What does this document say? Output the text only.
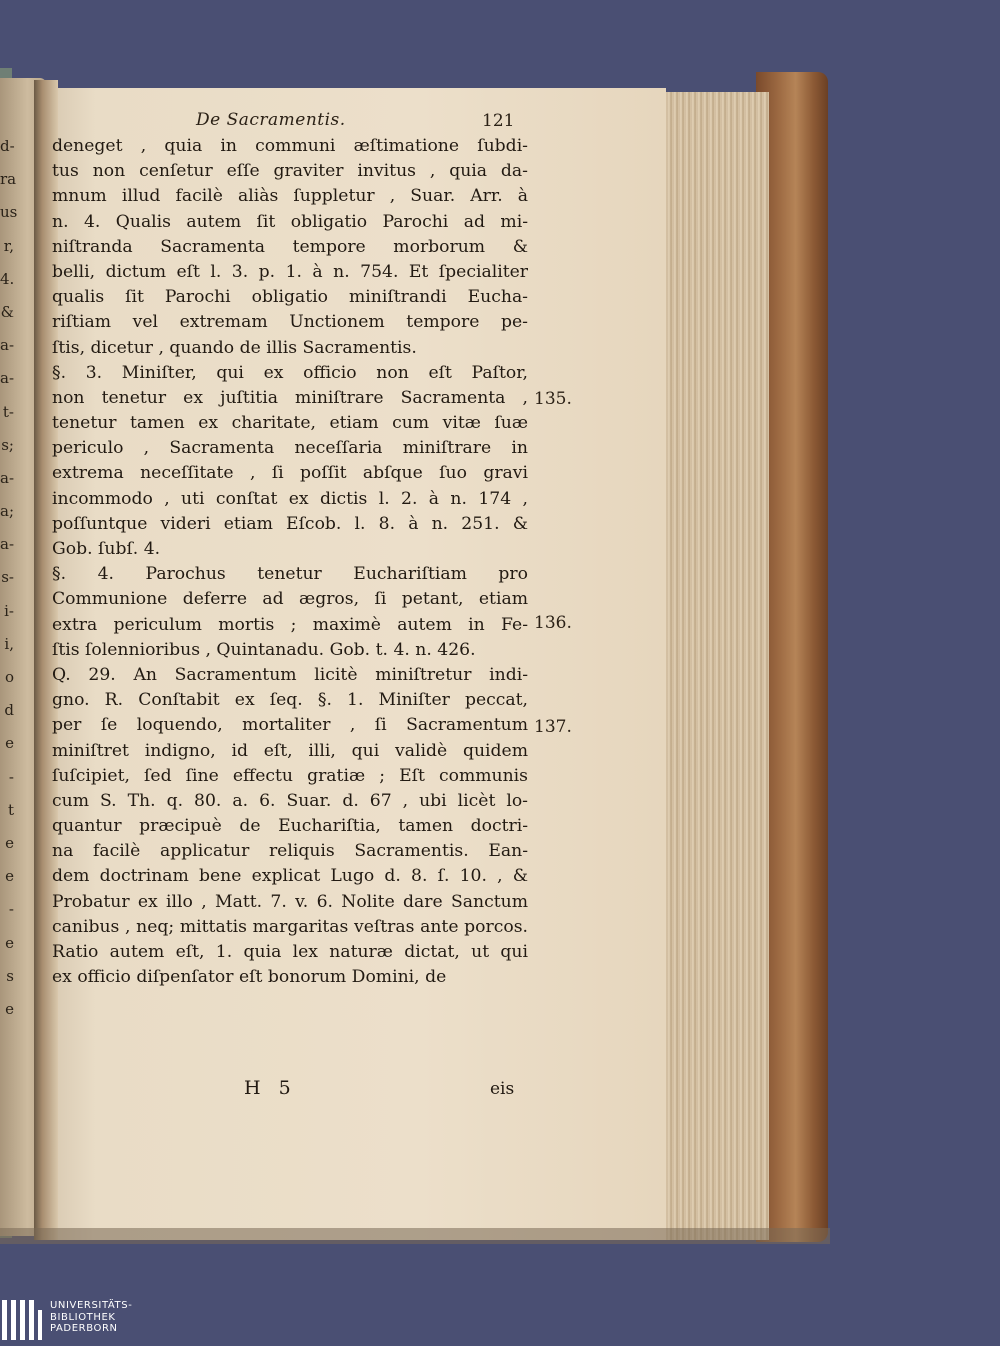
d-
ra
us
r,
4.
&
a-
a-
t-
s;
a-
a;
a-
s-
i-
i,
o
d
e
-
t
e
e
-
e
s
e
De Sacramentis.	121
deneget , quia in communi æſtimatione ſubdi-
tus non cenſetur eſſe graviter invitus , quia da-
mnum illud facilè aliàs ſuppletur , Suar. Arr. à
n. 4. Qualis autem ſit obligatio Parochi ad mi-
niſtranda Sacramenta tempore morborum &
belli, dictum eſt l. 3. p. 1. à n. 754. Et ſpecialiter
qualis ſit Parochi obligatio miniſtrandi Eucha-
riſtiam vel extremam Unctionem tempore pe-
ſtis, dicetur , quando de illis Sacramentis.
§. 3. Miniſter, qui ex officio non eſt Paſtor,
non tenetur ex juſtitia miniſtrare Sacramenta ,
tenetur tamen ex charitate, etiam cum vitæ ſuæ
periculo , Sacramenta neceſſaria miniſtrare in
extrema neceſſitate , ſi poſſit abſque ſuo gravi
incommodo , uti conſtat ex dictis l. 2. à n. 174 ,
poſſuntque videri etiam Eſcob. l. 8. à n. 251. &
Gob. ſubſ. 4.
§. 4. Parochus tenetur Euchariſtiam pro
Communione deferre ad ægros, ſi petant, etiam
extra periculum mortis ; maximè autem in Fe-
ſtis ſolennioribus , Quintanadu. Gob. t. 4. n. 426.
Q. 29. An Sacramentum licitè miniſtretur indi-
gno. R. Conſtabit ex ſeq. §. 1. Miniſter peccat,
per ſe loquendo, mortaliter , ſi Sacramentum
miniſtret indigno, id eſt, illi, qui validè quidem
ſuſcipiet, ſed ſine effectu gratiæ ; Eſt communis
cum S. Th. q. 80. a. 6. Suar. d. 67 , ubi licèt lo-
quantur præcipuè de Euchariſtia, tamen doctri-
na facilè applicatur reliquis Sacramentis. Ean-
dem doctrinam bene explicat Lugo d. 8. ſ. 10. , &
Probatur ex illo , Matt. 7. v. 6. Nolite dare Sanctum
canibus , neq; mittatis margaritas veſtras ante porcos.
Ratio autem eſt, 1. quia lex naturæ dictat, ut qui
ex officio diſpenſator eſt bonorum Domini, de
135.
136.
137.
H 5	eis
UNIVERSITÄTS-
BIBLIOTHEK
PADERBORN
